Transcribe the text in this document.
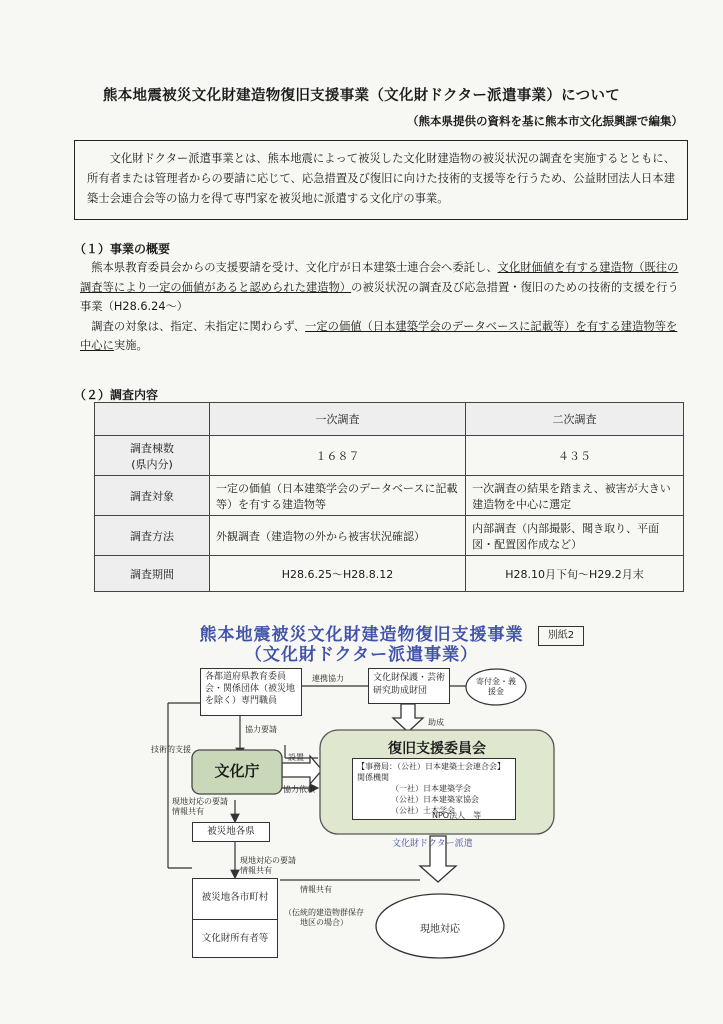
熊本地震被災文化財建造物復旧支援事業（文化財ドクター派遣事業）について
（熊本県提供の資料を基に熊本市文化振興課で編集）

文化財ドクター派遣事業とは、熊本地震によって被災した文化財建造物の被災状況の調査を実施するとともに、所有者または管理者からの要請に応じて、応急措置及び復旧に向けた技術的支援等を行うため、公益財団法人日本建築士会連合会等の協力を得て専門家を被災地に派遣する文化庁の事業。

（１）事業の概要

熊本県教育委員会からの支援要請を受け、文化庁が日本建築士連合会へ委託し、文化財価値を有する建造物（既往の調査等により一定の価値があると認められた建造物）の被災状況の調査及び応急措置・復旧のための技術的支援を行う事業（H28.6.24～）

調査の対象は、指定、未指定に関わらず、一定の価値（日本建築学会のデータベースに記載等）を有する建造物等を中心に実施。

（２）調査内容
	一次調査	二次調査
調査棟数
(県内分)	１６８７	４３５
調査対象	一定の価値（日本建築学会のデータベースに記載等）を有する建造物等	一次調査の結果を踏まえ、被害が大きい建造物を中心に選定
調査方法	外観調査（建造物の外から被害状況確認）	内部調査（内部撮影、聞き取り、平面図・配置図作成など）
調査期間	H28.6.25～H28.8.12	H28.10月下旬～H29.2月末
熊本地震被災文化財建造物復旧支援事業
（文化財ドクター派遣事業）
別紙2
各都道府県教育委員会・関係団体（被災地を除く）専門職員
連携協力	文化財保護・芸術研究助成財団
寄付金・義援金
助成
協力要請
技術的支援
設置
文化庁
復旧支援委員会
【事務局：（公社）日本建築士会連合会】
関係機関
（一社）日本建築学会
（公社）日本建築家協会
（公社）土木学会
NPO法人　等
協力依頼
文化財ドクター派遣
現地対応の要請
情報共有
被災地各県
現地対応の要請
情報共有
情報共有
被災地各市町村
文化財所有者等
（伝統的建造物群保存地区の場合）
現地対応
